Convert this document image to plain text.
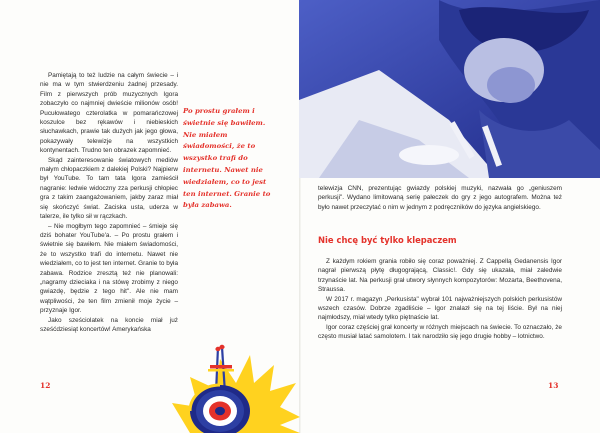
Pamiętają to też ludzie na całym świecie – i nie ma w tym stwierdzeniu żadnej przesady. Film z pierwszych prób muzycznych Igora zobaczyło co najmniej dwieście milionów osób! Pucułowatego czterolatka w pomarańczowej koszulce bez rękawów i niebieskich słuchawkach, prawie tak dużych jak jego głowa, pokazywały telewizje na wszystkich kontynentach. Trudno ten obrazek zapomnieć.

Skąd zainteresowanie światowych mediów małym chłopaczkiem z dalekiej Polski? Najpierw był YouTube. To tam tata Igora zamieścił nagranie: ledwie widoczny zza perkusji chłopiec gra z takim zaangażowaniem, jakby zaraz miał się skończyć świat. Zaciska usta, uderza w talerze, ile tylko sił w rączkach.

– Nie mogłbym tego zapomnieć – śmieje się dziś bohater YouTube'a. – Po prostu grałem i świetnie się bawiłem. Nie miałem świadomości, że to wszystko trafi do internetu. Nawet nie wiedziałem, co to jest ten internet. Granie to była zabawa. Rodzice zresztą też nie planowali: „nagramy dzieciaka i na stówę zrobimy z niego gwiazdę, będzie z tego hit". Ale nie mam wątpliwości, że ten film zmienił moje życie – przyznaje Igor.

Jako sześciolatek na koncie miał już sześćdziesiąt koncertów! Amerykańska

Po prostu grałem i świetnie się bawiłem. Nie miałem świadomości, że to wszystko trafi do internetu. Nawet nie wiedziałem, co to jest ten internet. Granie to była zabawa.

12

telewizja CNN, prezentując gwiazdy polskiej muzyki, nazwała go „geniuszem perkusji". Wydano limitowaną serię pałeczek do gry z jego autografem. Można też było nawet przeczytać o nim w jednym z podręczników do języka angielskiego.

Nie chcę być tylko klepaczem

Z każdym rokiem grania robiło się coraz poważniej. Z Cappellą Gedanensis Igor nagrał pierwszą płytę długogrającą, Classic!. Gdy się ukazała, miał zaledwie trzynaście lat. Na perkusji grał utwory słynnych kompozytorów: Mozarta, Beethovena, Straussa.

W 2017 r. magazyn „Perkusista" wybrał 101 najważniejszych polskich perkusistów wszech czasów. Dobrze zgadliście – Igor znalazł się na tej liście. Był na niej najmłodszy, miał wtedy tylko piętnaście lat.

Igor coraz częściej grał koncerty w różnych miejscach na świecie. To oznaczało, że często musiał latać samolotem. I tak narodziło się jego drugie hobby – lotnictwo.

13
